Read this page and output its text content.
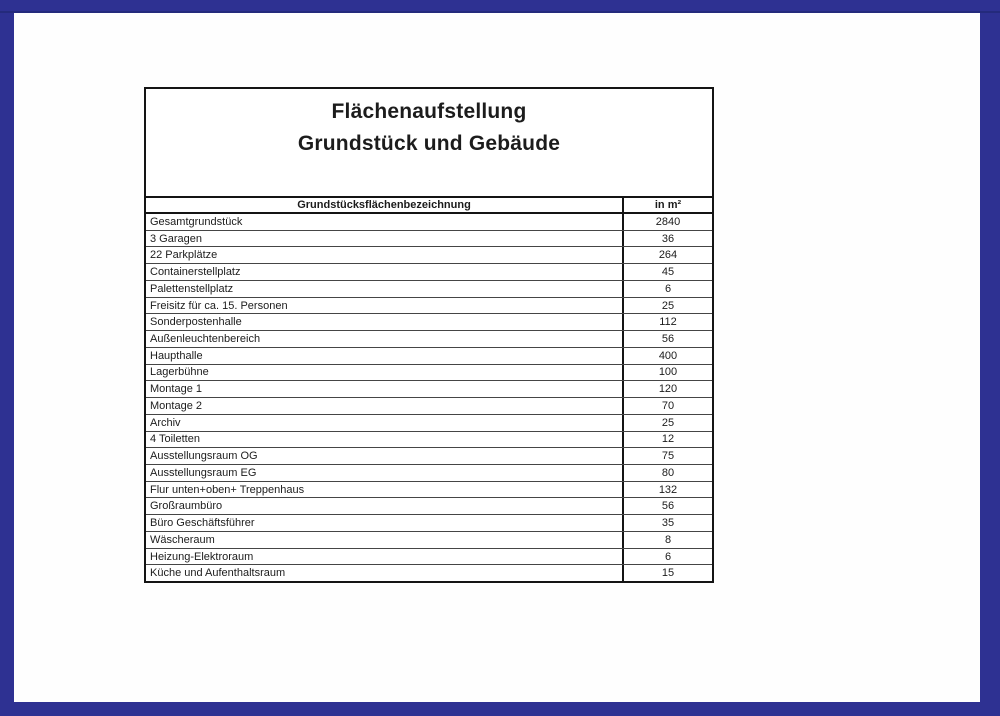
Flächenaufstellung
Grundstück und Gebäude
Grundstücksflächenbezeichnung	in m²
Gesamtgrundstück	2840
3 Garagen	36
22 Parkplätze	264
Containerstellplatz	45
Palettenstellplatz	6
Freisitz für ca. 15. Personen	25
Sonderpostenhalle	112
Außenleuchtenbereich	56
Haupthalle	400
Lagerbühne	100
Montage 1	120
Montage 2	70
Archiv	25
4 Toiletten	12
Ausstellungsraum OG	75
Ausstellungsraum EG	80
Flur unten+oben+ Treppenhaus	132
Großraumbüro	56
Büro Geschäftsführer	35
Wäscheraum	8
Heizung-Elektroraum	6
Küche und Aufenthaltsraum	15
